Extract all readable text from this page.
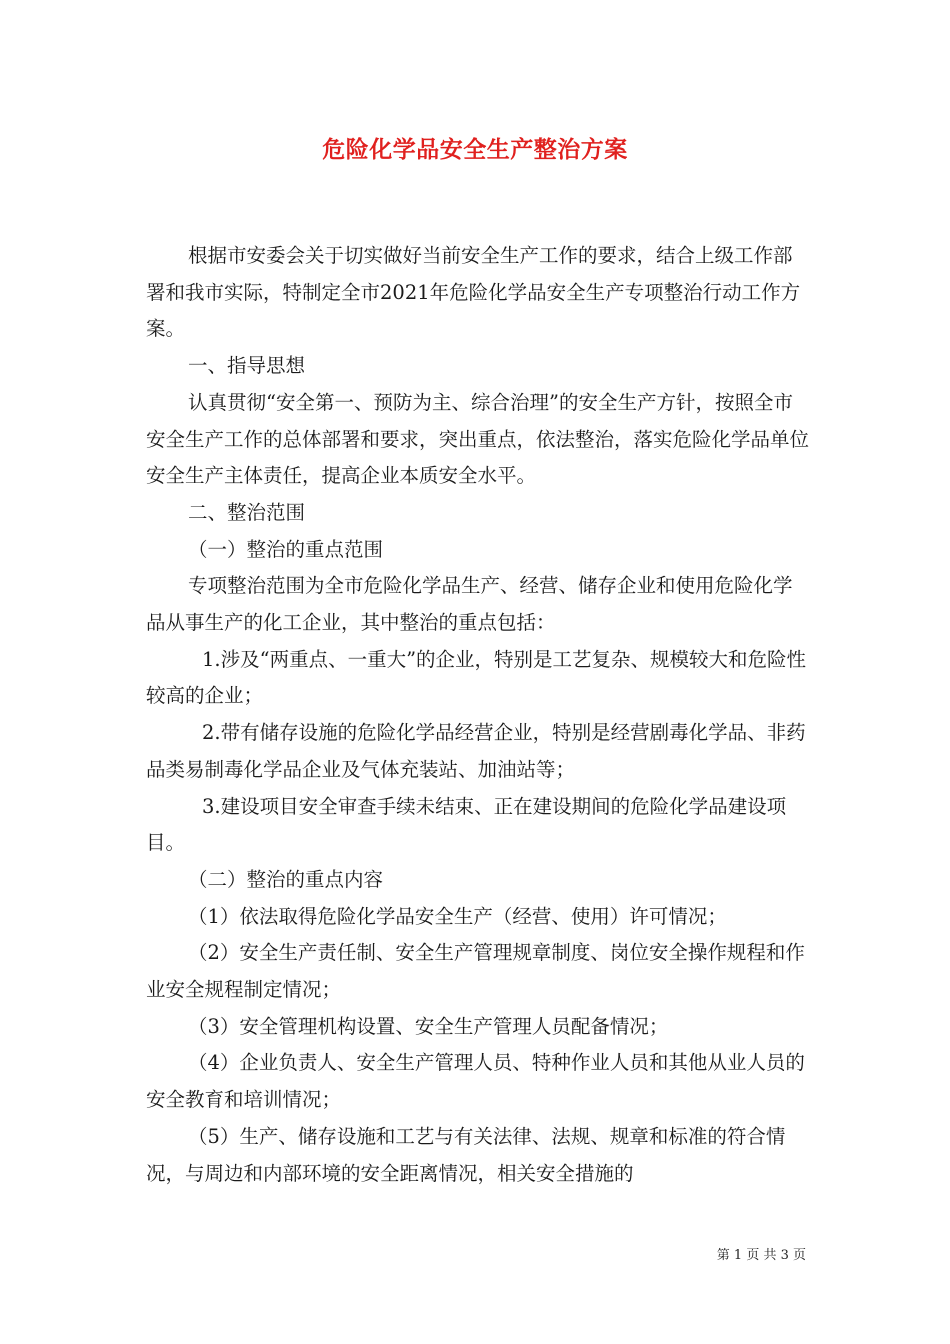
危险化学品安全生产整治方案

根据市安委会关于切实做好当前安全生产工作的要求，结合上级工作部署和我市实际，特制定全市2021年危险化学品安全生产专项整治行动工作方案。

一、指导思想

认真贯彻“安全第一、预防为主、综合治理”的安全生产方针，按照全市安全生产工作的总体部署和要求，突出重点，依法整治，落实危险化学品单位安全生产主体责任，提高企业本质安全水平。

二、整治范围

（一）整治的重点范围

专项整治范围为全市危险化学品生产、经营、储存企业和使用危险化学品从事生产的化工企业，其中整治的重点包括：

1.涉及“两重点、一重大”的企业，特别是工艺复杂、规模较大和危险性较高的企业；

2.带有储存设施的危险化学品经营企业，特别是经营剧毒化学品、非药品类易制毒化学品企业及气体充装站、加油站等；

3.建设项目安全审查手续未结束、正在建设期间的危险化学品建设项目。

（二）整治的重点内容

（1）依法取得危险化学品安全生产（经营、使用）许可情况；

（2）安全生产责任制、安全生产管理规章制度、岗位安全操作规程和作业安全规程制定情况；

（3）安全管理机构设置、安全生产管理人员配备情况；

（4）企业负责人、安全生产管理人员、特种作业人员和其他从业人员的安全教育和培训情况；

（5）生产、储存设施和工艺与有关法律、法规、规章和标准的符合情况，与周边和内部环境的安全距离情况，相关安全措施的

第 1 页 共 3 页
